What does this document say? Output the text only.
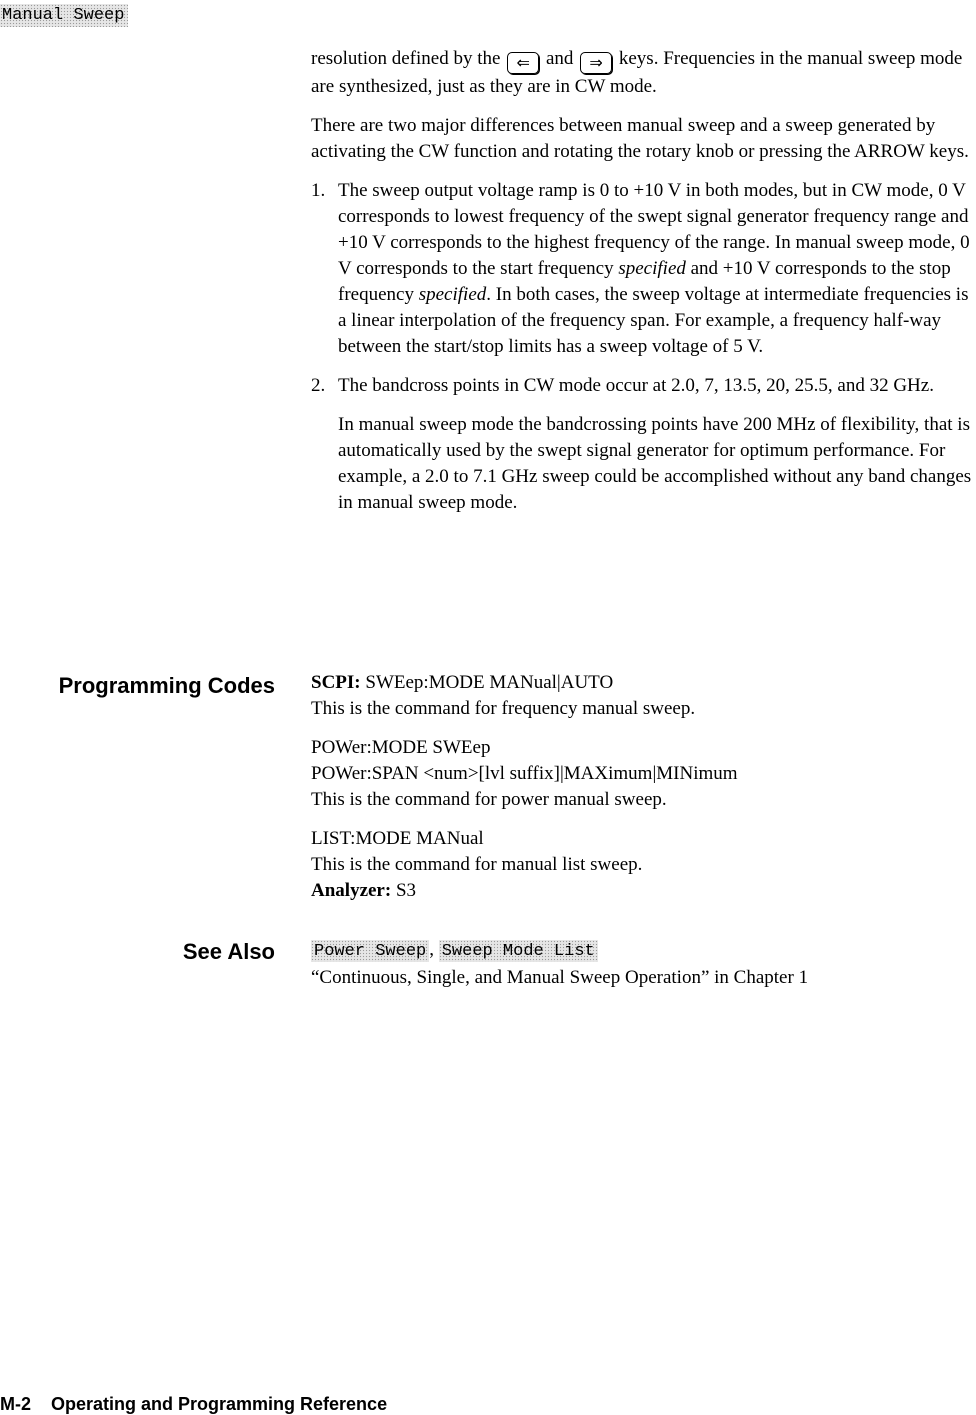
Manual Sweep

resolution defined by the ⇐ and ⇒ keys. Frequencies in the manual sweep mode are synthesized, just as they are in CW mode.

There are two major differences between manual sweep and a sweep generated by activating the CW function and rotating the rotary knob or pressing the ARROW keys.

1. The sweep output voltage ramp is 0 to +10 V in both modes, but in CW mode, 0 V corresponds to lowest frequency of the swept signal generator frequency range and +10 V corresponds to the highest frequency of the range. In manual sweep mode, 0 V corresponds to the start frequency specified and +10 V corresponds to the stop frequency specified. In both cases, the sweep voltage at intermediate frequencies is a linear interpolation of the frequency span. For example, a frequency half-way between the start/stop limits has a sweep voltage of 5 V.
2. The bandcross points in CW mode occur at 2.0, 7, 13.5, 20, 25.5, and 32 GHz.

In manual sweep mode the bandcrossing points have 200 MHz of flexibility, that is automatically used by the swept signal generator for optimum performance. For example, a 2.0 to 7.1 GHz sweep could be accomplished without any band changes in manual sweep mode.

Programming Codes SCPI: SWEep:MODE MANual|AUTO

This is the command for frequency manual sweep.

POWer:MODE SWEep

POWer:SPAN <num>[lvl suffix]|MAXimum|MINimum

This is the command for power manual sweep.

LIST:MODE MANual

This is the command for manual list sweep.

Analyzer: S3

See Also Power Sweep , Sweep Mode List

“Continuous, Single, and Manual Sweep Operation” in Chapter 1

M-2 Operating and Programming Reference
